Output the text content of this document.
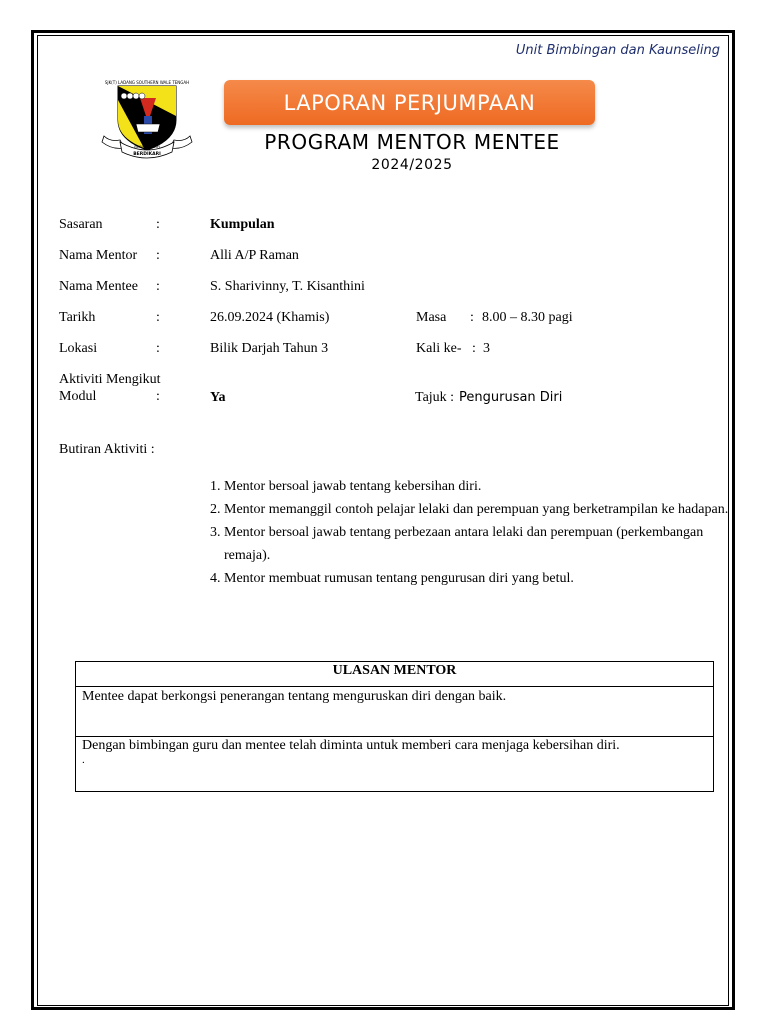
Unit Bimbingan dan Kaunseling
SJK(T) LADANG SOUTHERN WALE TENGAH
BERSEKOLAH
BERDIKARI
LAPORAN PERJUMPAAN
PROGRAM MENTOR MENTEE
2024/2025
Sasaran	:	Kumpulan
Nama Mentor :	Alli A/P Raman
Nama Mentee :	S. Sharivinny, T. Kisanthini
Tarikh	:	26.09.2024 (Khamis)	Masa : 8.00 – 8.30 pagi
Lokasi	:	Bilik Darjah Tahun 3	Kali ke- : 3
Aktiviti Mengikut
Modul	:	Ya	Tajuk : Pengurusan Diri
Butiran Aktiviti :
1. Mentor bersoal jawab tentang kebersihan diri.
2. Mentor memanggil contoh pelajar lelaki dan perempuan yang berketrampilan ke hadapan.
3. Mentor bersoal jawab tentang perbezaan antara lelaki dan perempuan (perkembangan remaja).
4. Mentor membuat rumusan tentang pengurusan diri yang betul.
ULASAN MENTOR
Mentee dapat berkongsi penerangan tentang menguruskan diri dengan baik.

Dengan bimbingan guru dan mentee telah diminta untuk memberi cara menjaga kebersihan diri.
.
